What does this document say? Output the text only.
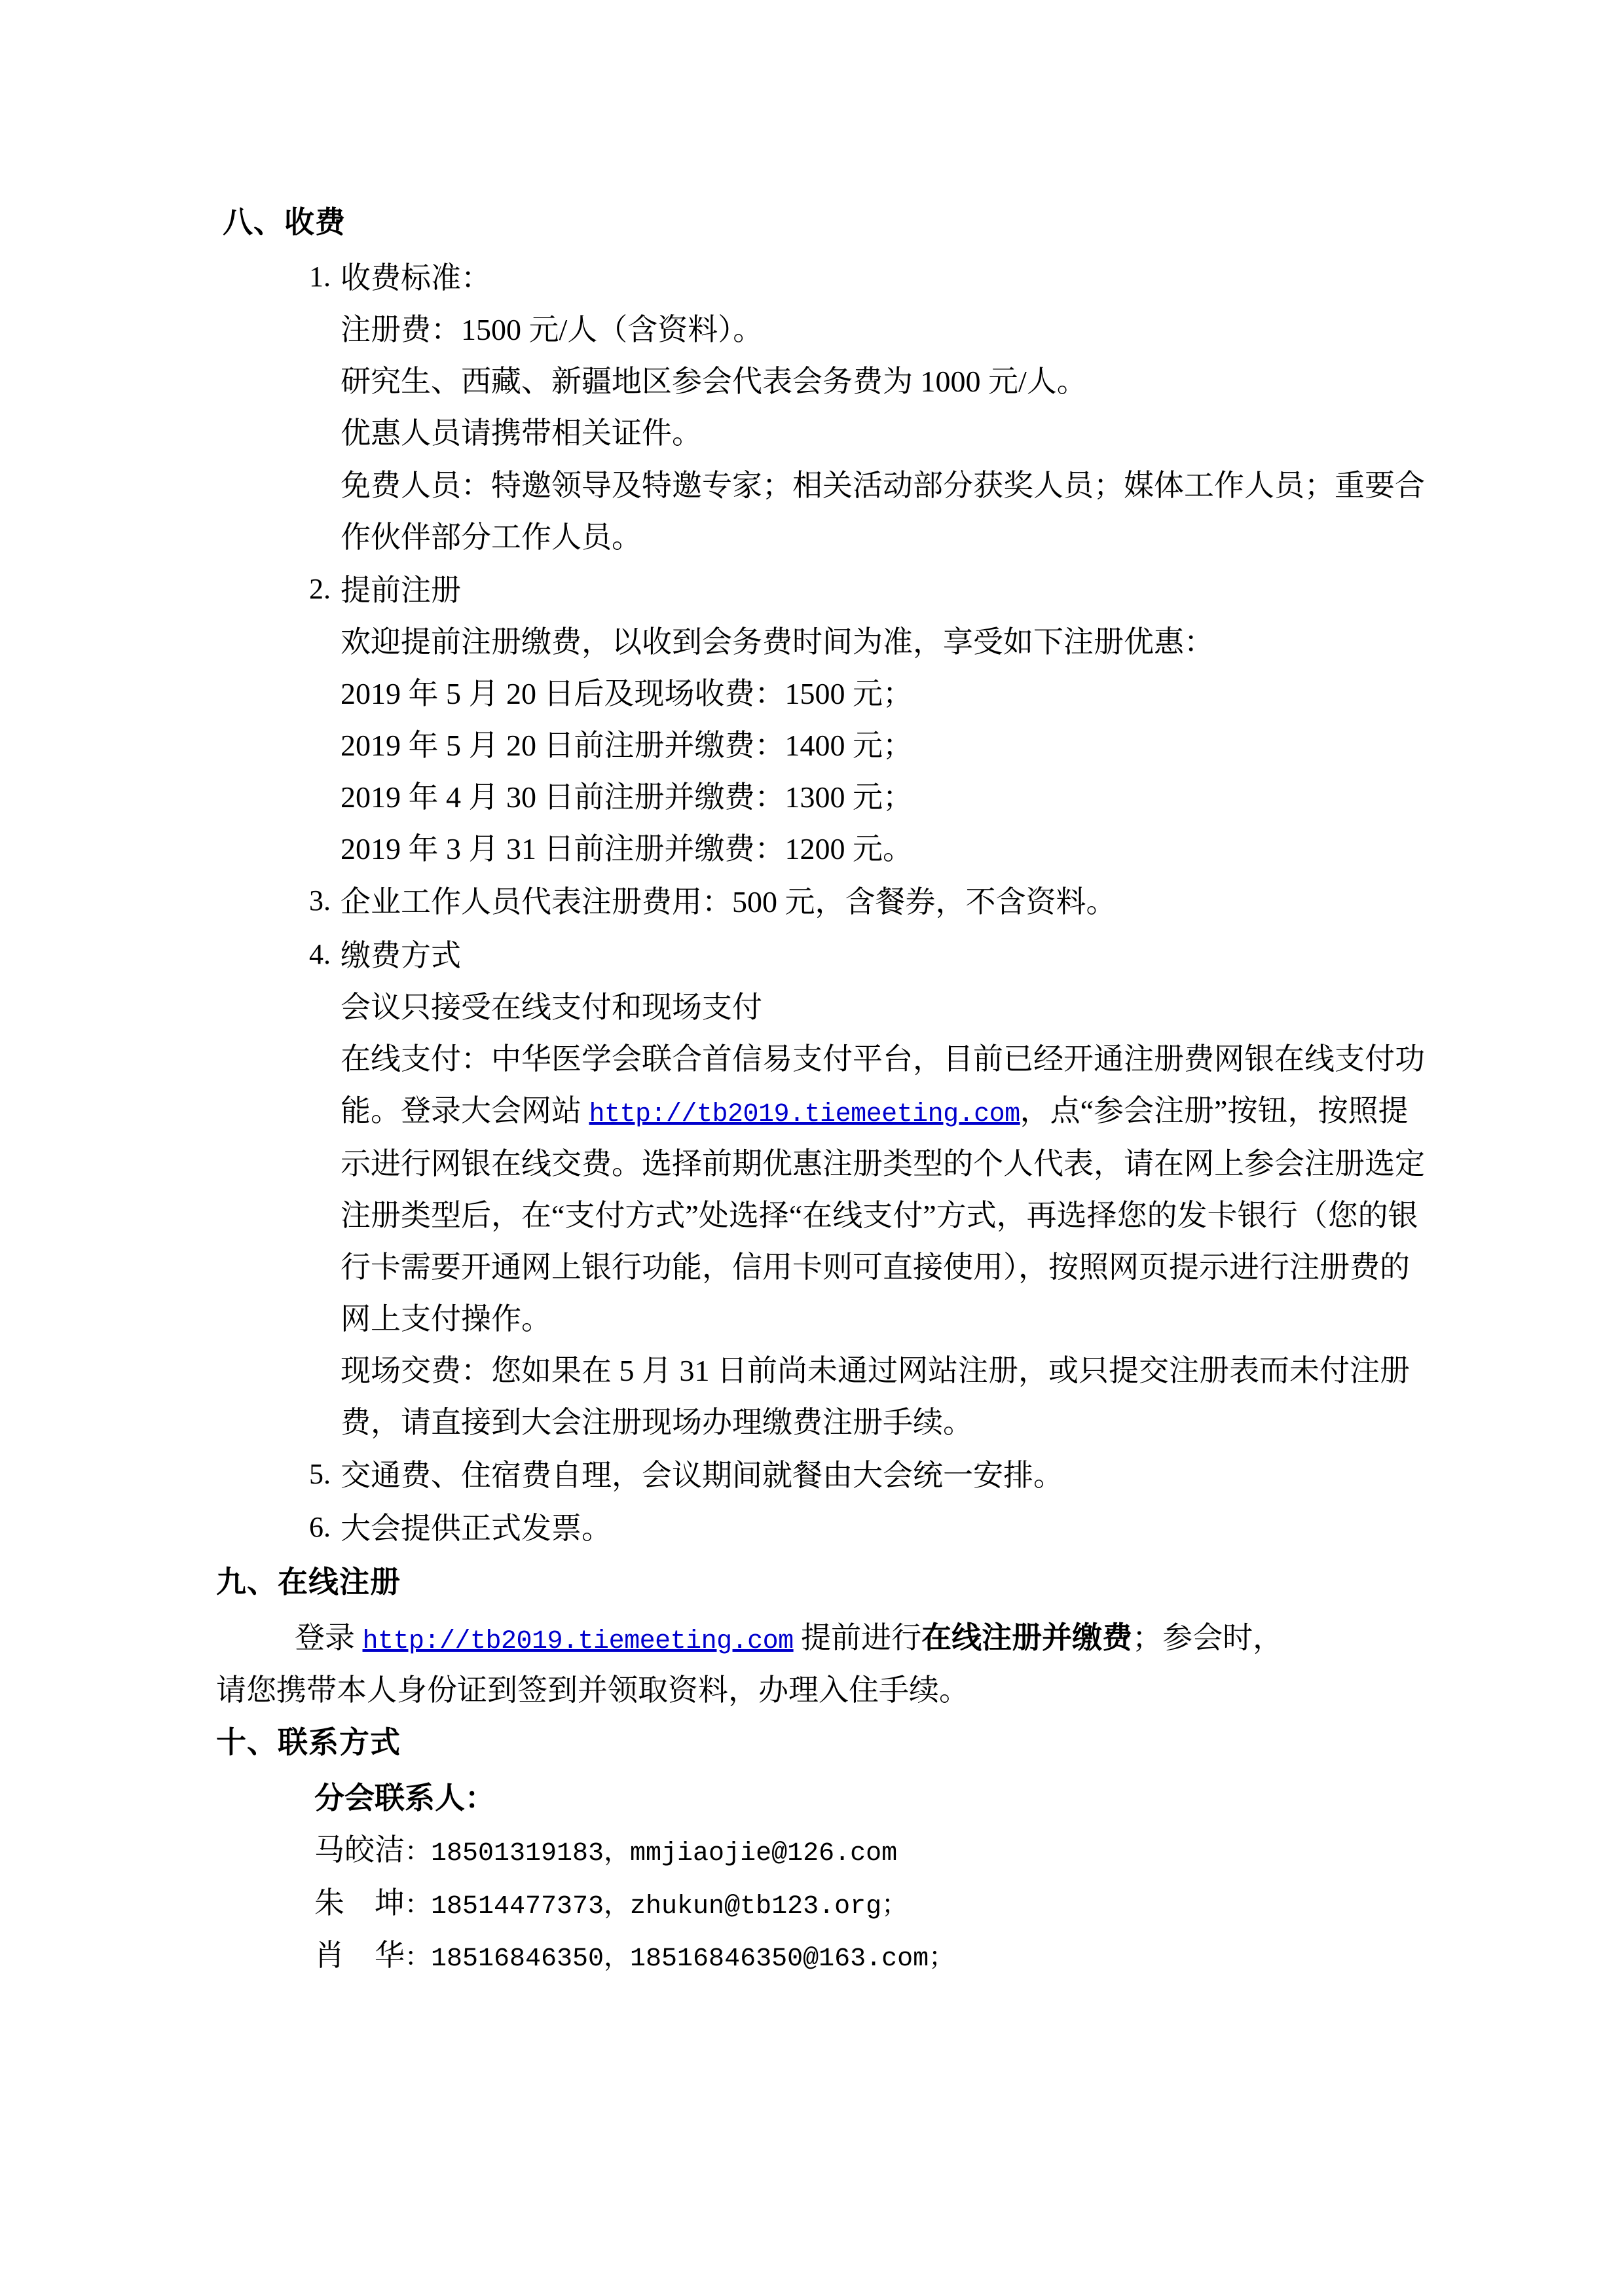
八、收费
1. 收费标准：
注册费：1500 元/人（含资料）。
研究生、西藏、新疆地区参会代表会务费为 1000 元/人。
优惠人员请携带相关证件。
免费人员：特邀领导及特邀专家；相关活动部分获奖人员；媒体工作人员；重要合作伙伴部分工作人员。
2. 提前注册
欢迎提前注册缴费，以收到会务费时间为准，享受如下注册优惠：
2019 年 5 月 20 日后及现场收费：1500 元；
2019 年 5 月 20 日前注册并缴费：1400 元；
2019 年 4 月 30 日前注册并缴费：1300 元；
2019 年 3 月 31 日前注册并缴费：1200 元。
3. 企业工作人员代表注册费用：500 元，含餐券，不含资料。
4. 缴费方式
会议只接受在线支付和现场支付
在线支付：中华医学会联合首信易支付平台，目前已经开通注册费网银在线支付功能。登录大会网站 http://tb2019.tiemeeting.com，点“参会注册”按钮，按照提示进行网银在线交费。选择前期优惠注册类型的个人代表，请在网上参会注册选定注册类型后，在“支付方式”处选择“在线支付”方式，再选择您的发卡银行（您的银行卡需要开通网上银行功能，信用卡则可直接使用），按照网页提示进行注册费的网上支付操作。
现场交费：您如果在 5 月 31 日前尚未通过网站注册，或只提交注册表而未付注册费，请直接到大会注册现场办理缴费注册手续。
5. 交通费、住宿费自理，会议期间就餐由大会统一安排。
6. 大会提供正式发票。
九、在线注册
登录 http://tb2019.tiemeeting.com 提前进行在线注册并缴费；参会时，
请您携带本人身份证到签到并领取资料，办理入住手续。
十、联系方式
分会联系人：
马皎洁：18501319183，mmjiaojie@126.com
朱　坤：18514477373，zhukun@tb123.org；
肖　华：18516846350，18516846350@163.com；
